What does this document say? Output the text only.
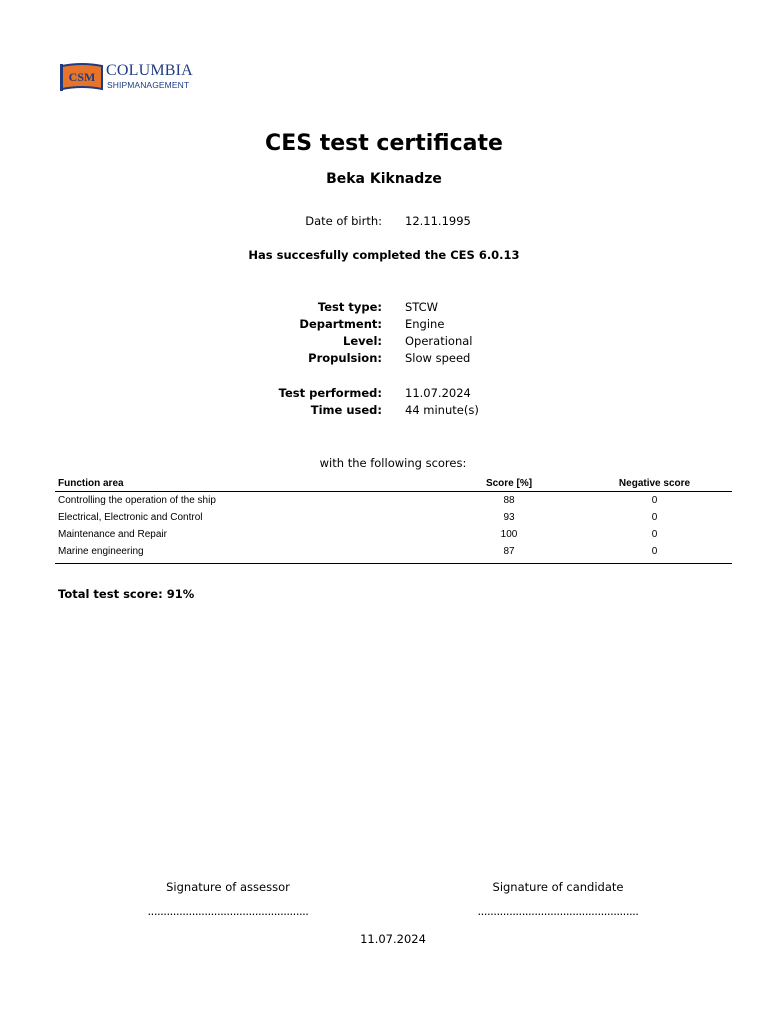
CSM COLUMBIA
SHIPMANAGEMENT
CES test certificate
Beka Kiknadze
Date of birth: 12.11.1995
Has succesfully completed the CES 6.0.13
Test type: STCW
Department: Engine
Level: Operational
Propulsion: Slow speed
Test performed: 11.07.2024
Time used: 44 minute(s)
with the following scores:
Function area	Score [%]	Negative score
Controlling the operation of the ship	88	0
Electrical, Electronic and Control	93	0
Maintenance and Repair	100	0
Marine engineering	87	0
Total test score: 91%
Signature of assessor	Signature of candidate
...................................................	...................................................
11.07.2024
